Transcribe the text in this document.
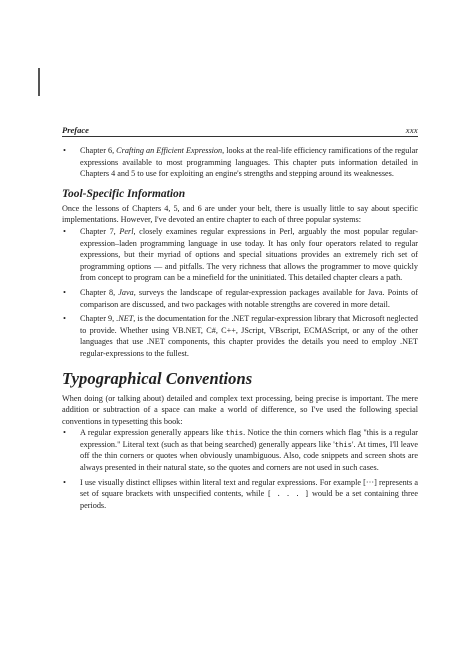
Preface	xxx
• Chapter 6, Crafting an Efficient Expression, looks at the real-life efficiency ramifications of the regular expressions available to most programming languages. This chapter puts information detailed in Chapters 4 and 5 to use for exploiting an engine's strengths and stepping around its weaknesses.
Tool-Specific Information

Once the lessons of Chapters 4, 5, and 6 are under your belt, there is usually little to say about specific implementations. However, I've devoted an entire chapter to each of three popular systems:

• Chapter 7, Perl, closely examines regular expressions in Perl, arguably the most popular regular-expression–laden programming language in use today. It has only four operators related to regular expressions, but their myriad of options and special situations provides an extremely rich set of programming options — and pitfalls. The very richness that allows the programmer to move quickly from concept to program can be a minefield for the uninitiated. This detailed chapter clears a path.
• Chapter 8, Java, surveys the landscape of regular-expression packages available for Java. Points of comparison are discussed, and two packages with notable strengths are covered in more detail.
• Chapter 9, .NET, is the documentation for the .NET regular-expression library that Microsoft neglected to provide. Whether using VB.NET, C#, C++, JScript, VBscript, ECMAScript, or any of the other languages that use .NET components, this chapter provides the details you need to employ .NET regular-expressions to the fullest.
Typographical Conventions

When doing (or talking about) detailed and complex text processing, being precise is important. The mere addition or subtraction of a space can make a world of difference, so I've used the following special conventions in typesetting this book:

• A regular expression generally appears like this. Notice the thin corners which flag "this is a regular expression." Literal text (such as that being searched) generally appears like 'this'. At times, I'll leave off the thin corners or quotes when obviously unambiguous. Also, code snippets and screen shots are always presented in their natural state, so the quotes and corners are not used in such cases.
• I use visually distinct ellipses within literal text and regular expressions. For example [···] represents a set of square brackets with unspecified contents, while [ . . . ] would be a set containing three periods.
